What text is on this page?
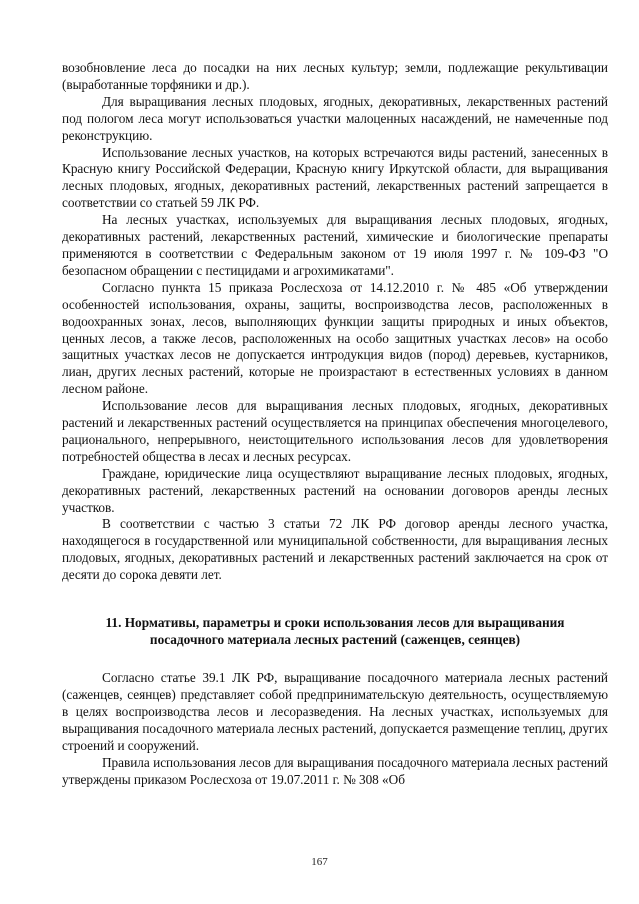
возобновление леса до посадки на них лесных культур; земли, подлежащие рекультивации (выработанные торфяники и др.).

Для выращивания лесных плодовых, ягодных, декоративных, лекарственных растений под пологом леса могут использоваться участки малоценных насаждений, не намеченные под реконструкцию.

Использование лесных участков, на которых встречаются виды растений, занесенных в Красную книгу Российской Федерации, Красную книгу Иркутской области, для выращивания лесных плодовых, ягодных, декоративных растений, лекарственных растений запрещается в соответствии со статьей 59 ЛК РФ.

На лесных участках, используемых для выращивания лесных плодовых, ягодных, декоративных растений, лекарственных растений, химические и биологические препараты применяются в соответствии с Федеральным законом от 19 июля 1997 г. № 109-ФЗ "О безопасном обращении с пестицидами и агрохимикатами".

Согласно пункта 15 приказа Рослесхоза от 14.12.2010 г. № 485 «Об утверждении особенностей использования, охраны, защиты, воспроизводства лесов, расположенных в водоохранных зонах, лесов, выполняющих функции защиты природных и иных объектов, ценных лесов, а также лесов, расположенных на особо защитных участках лесов» на особо защитных участках лесов не допускается интродукция видов (пород) деревьев, кустарников, лиан, других лесных растений, которые не произрастают в естественных условиях в данном лесном районе.

Использование лесов для выращивания лесных плодовых, ягодных, декоративных растений и лекарственных растений осуществляется на принципах обеспечения многоцелевого, рационального, непрерывного, неистощительного использования лесов для удовлетворения потребностей общества в лесах и лесных ресурсах.

Граждане, юридические лица осуществляют выращивание лесных плодовых, ягодных, декоративных растений, лекарственных растений на основании договоров аренды лесных участков.

В соответствии с частью 3 статьи 72 ЛК РФ договор аренды лесного участка, находящегося в государственной или муниципальной собственности, для выращивания лесных плодовых, ягодных, декоративных растений и лекарственных растений заключается на срок от десяти до сорока девяти лет.

11. Нормативы, параметры и сроки использования лесов для выращивания посадочного материала лесных растений (саженцев, сеянцев)

Согласно статье 39.1 ЛК РФ, выращивание посадочного материала лесных растений (саженцев, сеянцев) представляет собой предпринимательскую деятельность, осуществляемую в целях воспроизводства лесов и лесоразведения. На лесных участках, используемых для выращивания посадочного материала лесных растений, допускается размещение теплиц, других строений и сооружений.

Правила использования лесов для выращивания посадочного материала лесных растений утверждены приказом Рослесхоза от 19.07.2011 г. № 308 «Об

167
